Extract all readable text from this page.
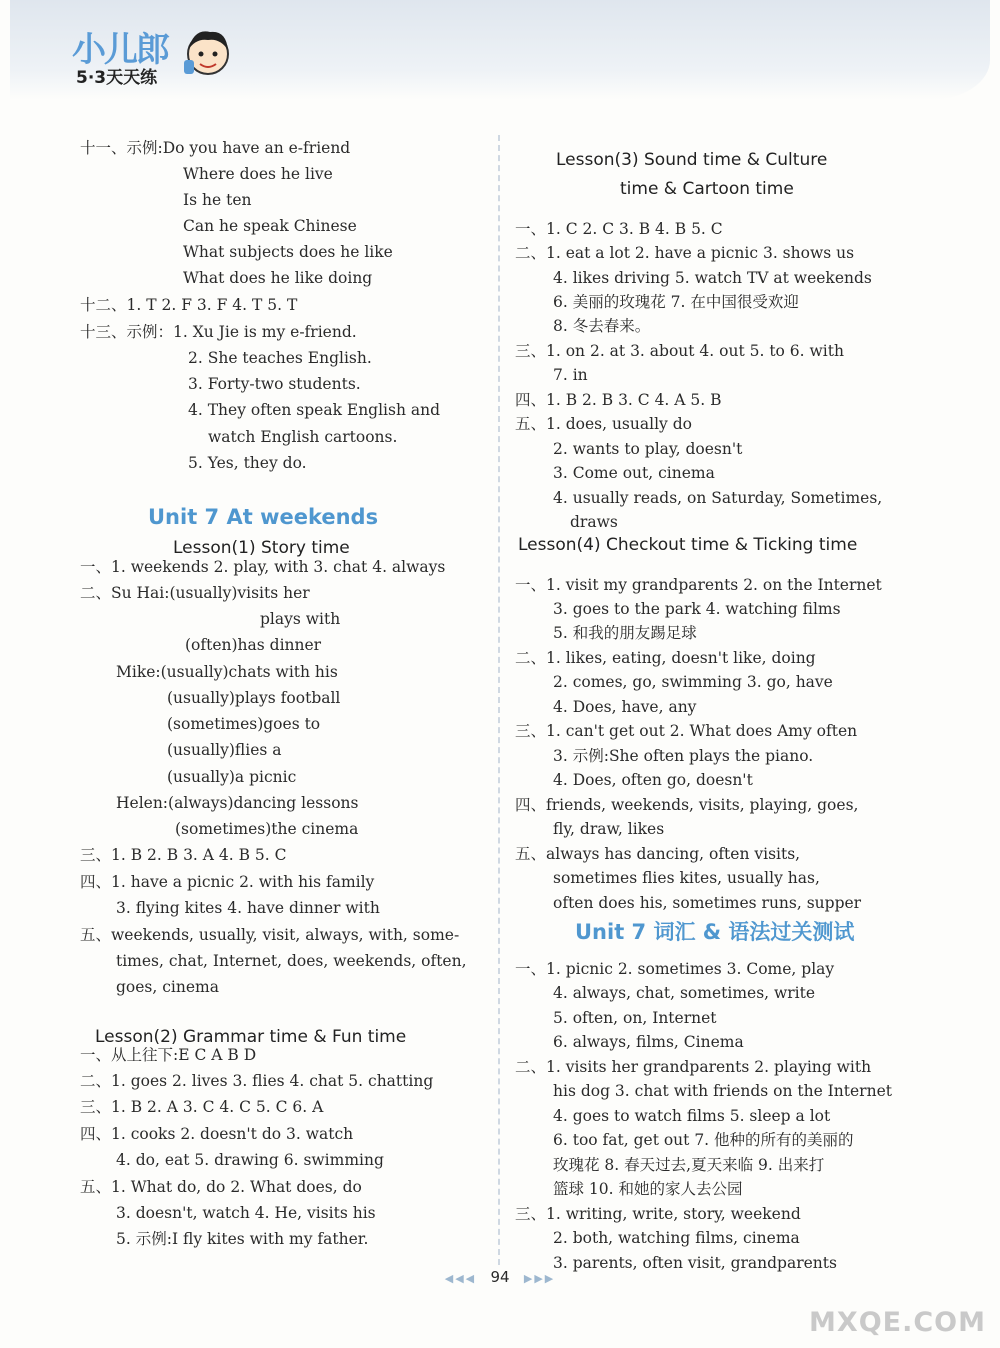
小儿郎
5·3天天练
十一、示例:Do you have an e-friend
Where does he live
Is he ten
Can he speak Chinese
What subjects does he like
What does he like doing
十二、1. T 2. F 3. F 4. T 5. T
十三、示例：1. Xu Jie is my e-friend.
2. She teaches English.
3. Forty-two students.
4. They often speak English and
watch English cartoons.
5. Yes, they do.
一、1. weekends 2. play, with 3. chat 4. always
二、Su Hai:(usually)visits her
plays with
(often)has dinner
Mike:(usually)chats with his
(usually)plays football
(sometimes)goes to
(usually)flies a
(usually)a picnic
Helen:(always)dancing lessons
(sometimes)the cinema
三、1. B 2. B 3. A 4. B 5. C
四、1. have a picnic 2. with his family
3. flying kites 4. have dinner with
五、weekends, usually, visit, always, with, some-
times, chat, Internet, does, weekends, often,
goes, cinema
一、从上往下:E C A B D
二、1. goes 2. lives 3. flies 4. chat 5. chatting
三、1. B 2. A 3. C 4. C 5. C 6. A
四、1. cooks 2. doesn't do 3. watch
4. do, eat 5. drawing 6. swimming
五、1. What do, do 2. What does, do
3. doesn't, watch 4. He, visits his
5. 示例:I fly kites with my father.
一、1. C 2. C 3. B 4. B 5. C
二、1. eat a lot 2. have a picnic 3. shows us
4. likes driving 5. watch TV at weekends
6. 美丽的玫瑰花 7. 在中国很受欢迎
8. 冬去春来。
三、1. on 2. at 3. about 4. out 5. to 6. with
7. in
四、1. B 2. B 3. C 4. A 5. B
五、1. does, usually do
2. wants to play, doesn't
3. Come out, cinema
4. usually reads, on Saturday, Sometimes,
draws
一、1. visit my grandparents 2. on the Internet
3. goes to the park 4. watching films
5. 和我的朋友踢足球
二、1. likes, eating, doesn't like, doing
2. comes, go, swimming 3. go, have
4. Does, have, any
三、1. can't get out 2. What does Amy often
3. 示例:She often plays the piano.
4. Does, often go, doesn't
四、friends, weekends, visits, playing, goes,
fly, draw, likes
五、always has dancing, often visits,
sometimes flies kites, usually has,
often does his, sometimes runs, supper
一、1. picnic 2. sometimes 3. Come, play
4. always, chat, sometimes, write
5. often, on, Internet
6. always, films, Cinema
二、1. visits her grandparents 2. playing with
his dog 3. chat with friends on the Internet
4. goes to watch films 5. sleep a lot
6. too fat, get out 7. 他种的所有的美丽的
玫瑰花 8. 春天过去,夏天来临 9. 出来打
篮球 10. 和她的家人去公园
三、1. writing, write, story, weekend
2. both, watching films, cinema
3. parents, often visit, grandparents
Lesson(3) Sound time & Culture
time & Cartoon time
Lesson(1) Story time	Lesson(4) Checkout time & Ticking time
Lesson(2) Grammar time & Fun time
Unit 7 At weekends
Unit 7 词汇 & 语法过关测试
◀◀◀ 94 ▶▶▶
MXQE.COM
